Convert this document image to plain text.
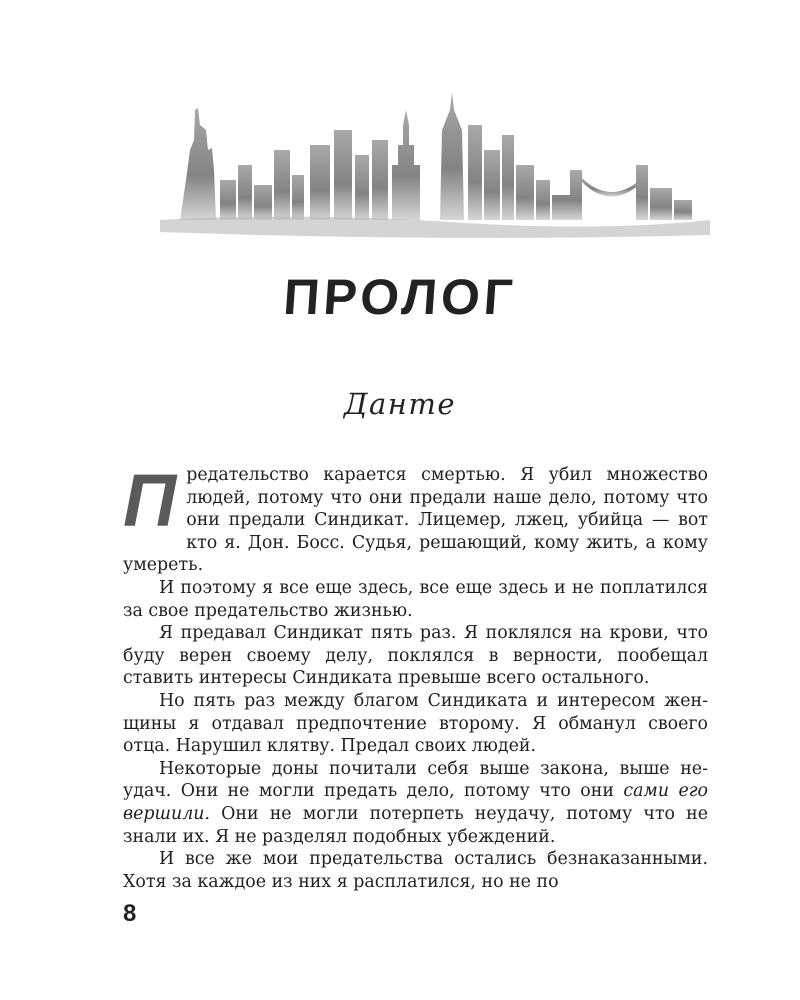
ПРОЛОГ
Данте

Предательство карается смертью. Я убил множество людей, потому что они предали наше дело, потому что они предали Синдикат. Лицемер, лжец, убийца — вот кто я. Дон. Босс. Судья, решающий, кому жить, а кому умереть.

И поэтому я все еще здесь, все еще здесь и не поплатился за свое предательство жизнью.

Я предавал Синдикат пять раз. Я поклялся на крови, что буду верен своему делу, поклялся в верности, пообещал ставить интересы Синдиката превыше всего остального.

Но пять раз между благом Синдиката и интересом женщины я отдавал предпочтение второму. Я обманул своего отца. Нарушил клятву. Предал своих людей.

Некоторые доны почитали себя выше закона, выше неудач. Они не могли предать дело, потому что они сами его вершили. Они не могли потерпеть неудачу, потому что не знали их. Я не разделял подобных убеждений.

И все же мои предательства остались безнаказанными. Хотя за каждое из них я расплатился, но не по

8
